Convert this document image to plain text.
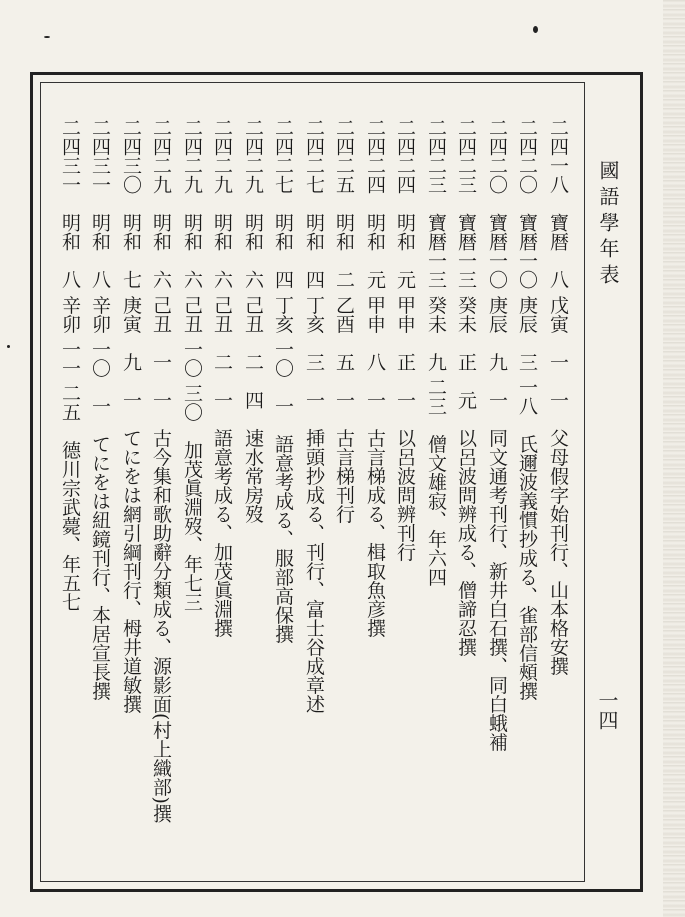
國語學年表
一四
二四一八　寶暦　八 戊寅　一　一　父母假字始刊行、山本格安撰
二四二〇　寶暦一〇 庚辰　三 一八　氏邇波義慣抄成る、雀部信頰撰
二四二〇　寶暦一〇 庚辰　九　一　同文通考刊行、新井白石撰、同白蛾補
二四二三　寶暦一三 癸未　正　元　以呂波問辨成る、僧諦忍撰
二四二三　寶暦一三 癸未　九 二三　僧文雄寂、年六四
二四二四　明和　元 甲申　正　一　以呂波問辨刊行
二四二四　明和　元 甲申　八　一　古言梯成る、楫取魚彦撰
二四二五　明和　二 乙酉　五　一　古言梯刊行
二四二七　明和　四 丁亥　三　一　挿頭抄成る、刊行、富士谷成章述
二四二七　明和　四 丁亥 一〇　一　語意考成る、服部高保撰
二四二九　明和　六 己丑　二　四　速水常房歿
二四二九　明和　六 己丑　二　一　語意考成る、加茂眞淵撰
二四二九　明和　六 己丑 一〇 三〇　加茂眞淵歿、年七三
二四二九　明和　六 己丑　一　一　古今集和歌助辭分類成る、源影面(村上織部)撰
二四三〇　明和　七 庚寅　九　一　てにをは網引綱刊行、栂井道敏撰
二四三一　明和　八 辛卯 一〇　一　てにをは紐鏡刊行、本居宣長撰
二四三一　明和　八 辛卯 一一 二五　德川宗武薨、年五七
